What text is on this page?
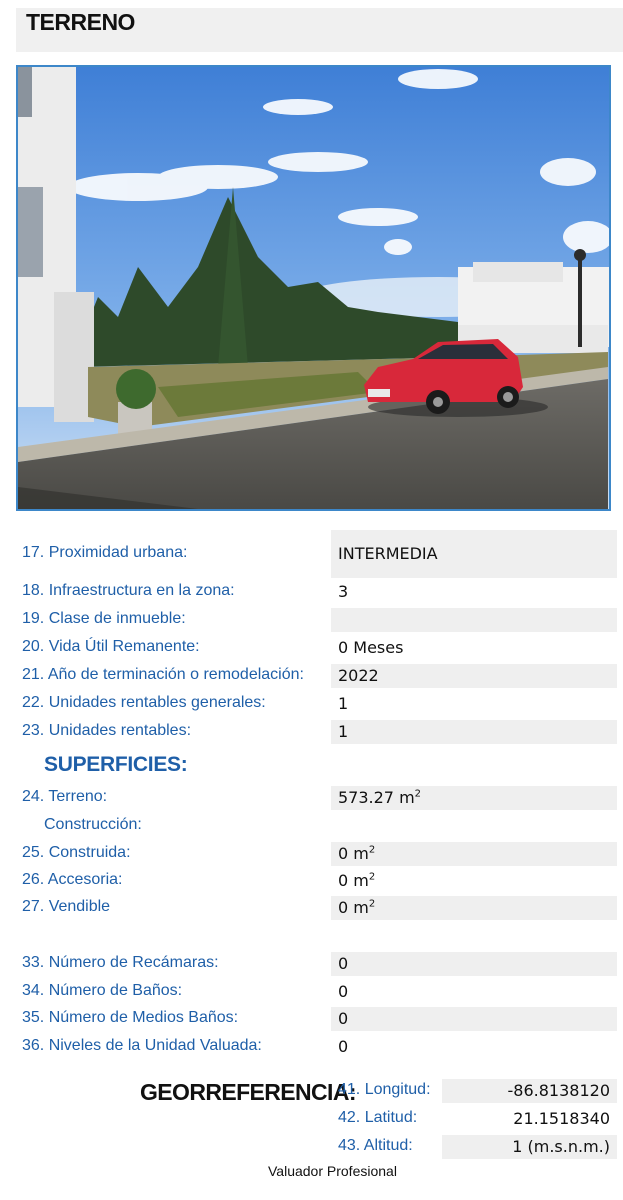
TERRENO
17. Proximidad urbana:	INTERMEDIA
18. Infraestructura en la zona:	3
19. Clase de inmueble:
20. Vida Útil Remanente:	0 Meses
21. Año de terminación o remodelación: 2022
22. Unidades rentables generales:	1
23. Unidades rentables:	1
SUPERFICIES:
24. Terreno:	573.27 $m^2$
Construcción:
25. Construida:	0 $m^2$
26. Accesoria:	0 $m^2$
27. Vendible	0 $m^2$
33. Número de Recámaras:	0
34. Número de Baños:	0
35. Número de Medios Baños:	0
36. Niveles de la Unidad Valuada:	0
GEORREFERENCIA:
41. Longitud:	-86.8138120
42. Latitud:	21.1518340
43. Altitud:	1 (m.s.n.m.)
Valuador Profesional
